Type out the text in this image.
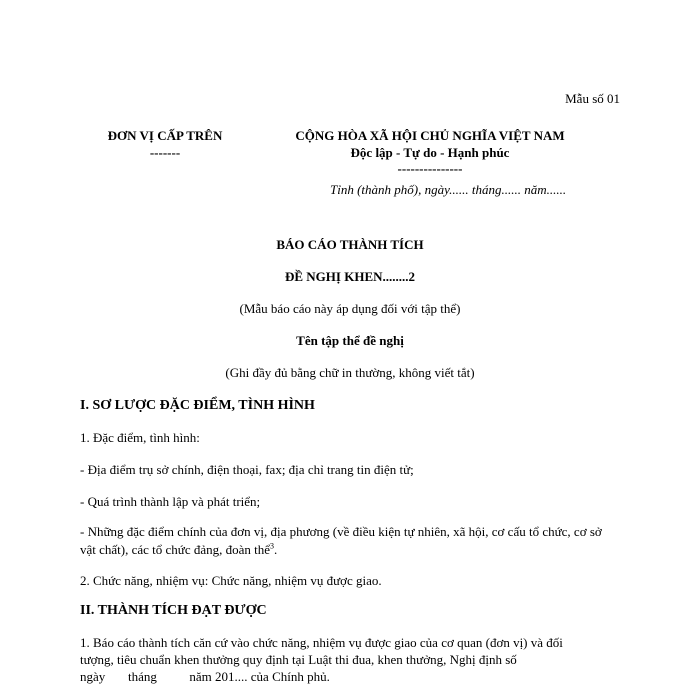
Mẫu số 01
ĐƠN VỊ CẤP TRÊN
-------
CỘNG HÒA XÃ HỘI CHỦ NGHĨA VIỆT NAM
Độc lập - Tự do - Hạnh phúc
---------------
Tỉnh (thành phố), ngày...... tháng...... năm......
BÁO CÁO THÀNH TÍCH
ĐỀ NGHỊ KHEN........2
(Mẫu báo cáo này áp dụng đối với tập thể)
Tên tập thể đề nghị
(Ghi đầy đủ bằng chữ in thường, không viết tắt)
I. SƠ LƯỢC ĐẶC ĐIỂM, TÌNH HÌNH
1. Đặc điểm, tình hình:
- Địa điểm trụ sở chính, điện thoại, fax; địa chỉ trang tin điện tử;
- Quá trình thành lập và phát triển;
- Những đặc điểm chính của đơn vị, địa phương (về điều kiện tự nhiên, xã hội, cơ cấu tổ chức, cơ sở vật chất), các tổ chức đảng, đoàn thể$^3$.
2. Chức năng, nhiệm vụ: Chức năng, nhiệm vụ được giao.
II. THÀNH TÍCH ĐẠT ĐƯỢC
1. Báo cáo thành tích căn cứ vào chức năng, nhiệm vụ được giao của cơ quan (đơn vị) và đối
tượng, tiêu chuẩn khen thưởng quy định tại Luật thi đua, khen thưởng, Nghị định số
ngày       tháng          năm 201.... của Chính phủ.
